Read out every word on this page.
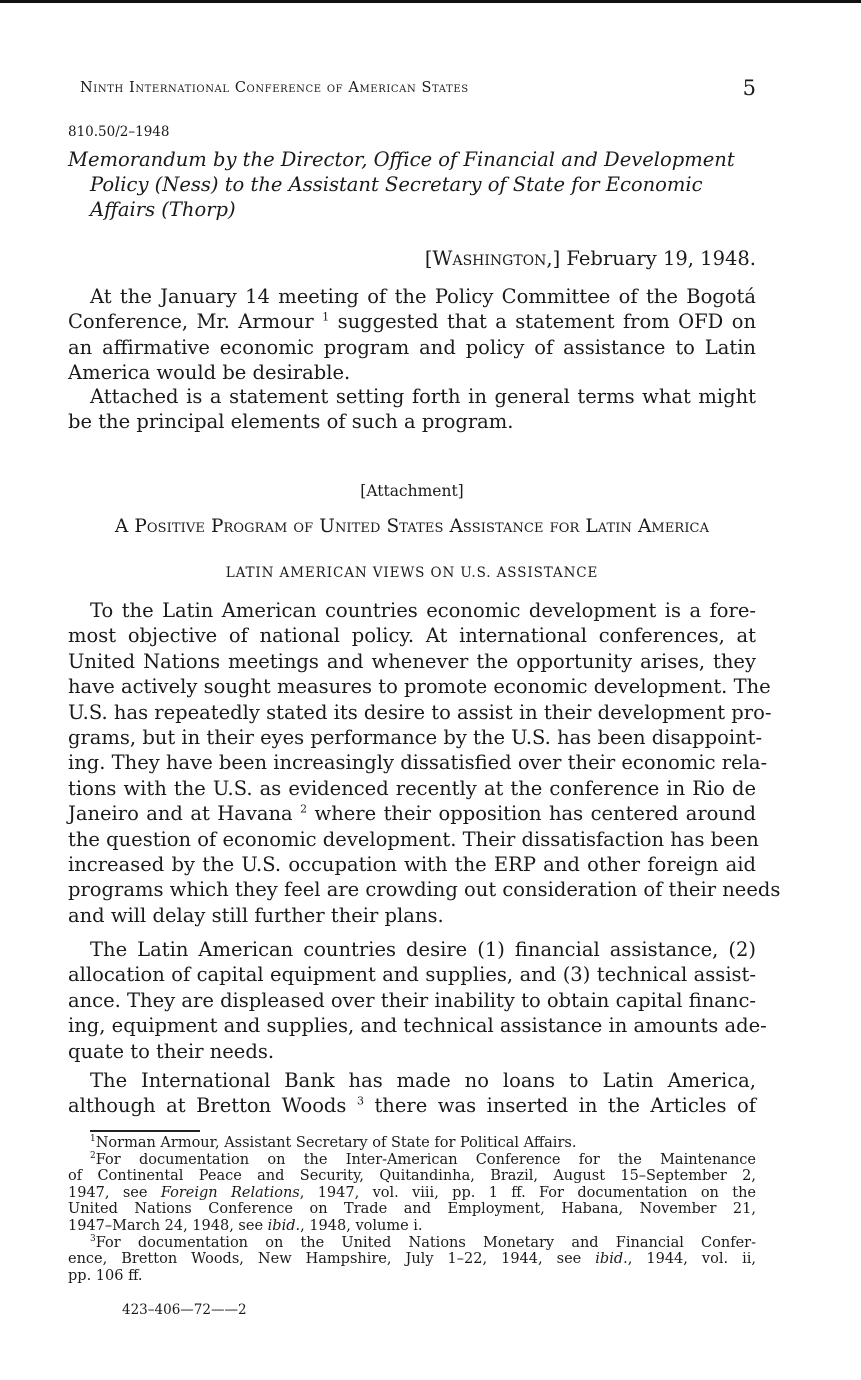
Ninth International Conference of American States	5
810.50/2–1948
Memorandum by the Director, Office of Financial and Development
Policy (Ness) to the Assistant Secretary of State for Economic
Affairs (Thorp)
[Washington,] February 19, 1948.
At the January 14 meeting of the Policy Committee of the Bogotá
Conference, Mr. Armour $^1$ suggested that a statement from OFD on
an affirmative economic program and policy of assistance to Latin
America would be desirable.
Attached is a statement setting forth in general terms what might
be the principal elements of such a program.
[Attachment]
A Positive Program of United States Assistance for Latin America
LATIN AMERICAN VIEWS ON U.S. ASSISTANCE
To the Latin American countries economic development is a fore-
most objective of national policy. At international conferences, at
United Nations meetings and whenever the opportunity arises, they
have actively sought measures to promote economic development. The
U.S. has repeatedly stated its desire to assist in their development pro-
grams, but in their eyes performance by the U.S. has been disappoint-
ing. They have been increasingly dissatisfied over their economic rela-
tions with the U.S. as evidenced recently at the conference in Rio de
Janeiro and at Havana $^2$ where their opposition has centered around
the question of economic development. Their dissatisfaction has been
increased by the U.S. occupation with the ERP and other foreign aid
programs which they feel are crowding out consideration of their needs
and will delay still further their plans.
The Latin American countries desire (1) financial assistance, (2)
allocation of capital equipment and supplies, and (3) technical assist-
ance. They are displeased over their inability to obtain capital financ-
ing, equipment and supplies, and technical assistance in amounts ade-
quate to their needs.
The International Bank has made no loans to Latin America,
although at Bretton Woods $^3$ there was inserted in the Articles of
$^1$Norman Armour, Assistant Secretary of State for Political Affairs.
$^2$For documentation on the Inter-American Conference for the Maintenance
of Continental Peace and Security, Quitandinha, Brazil, August 15–September 2,
1947, see Foreign Relations, 1947, vol. viii, pp. 1 ff. For documentation on the
United Nations Conference on Trade and Employment, Habana, November 21,
1947–March 24, 1948, see ibid., 1948, volume i.
$^3$For documentation on the United Nations Monetary and Financial Confer-
ence, Bretton Woods, New Hampshire, July 1–22, 1944, see ibid., 1944, vol. ii,
pp. 106 ff.
423–406—72——2
